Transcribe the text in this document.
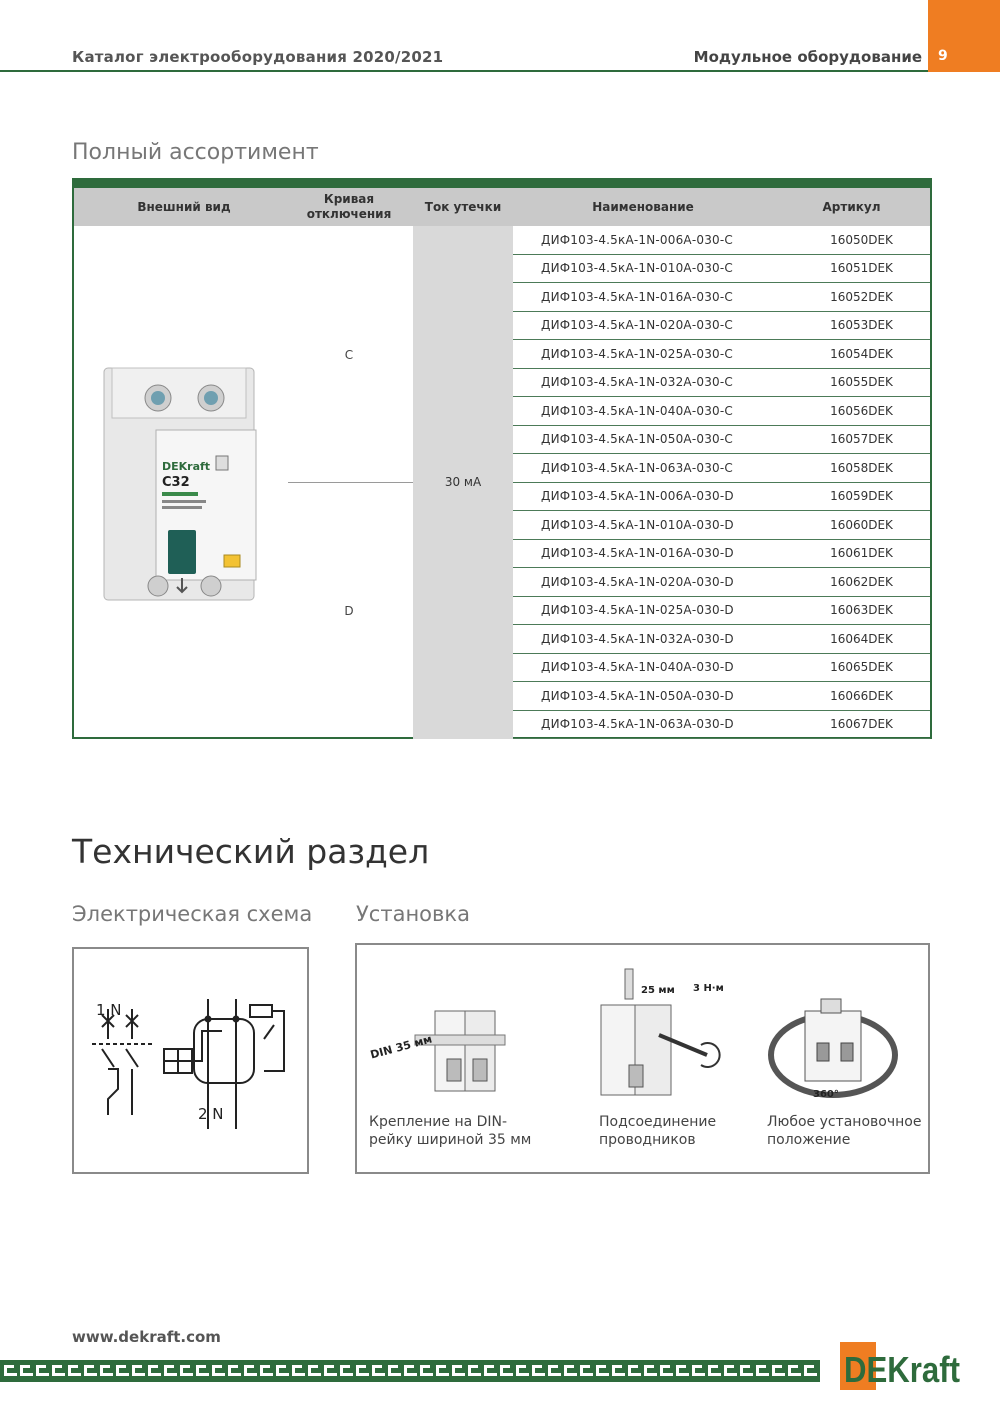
Каталог электрооборудования 2020/2021	Модульное оборудование 9
Полный ассортимент
Внешний вид
Кривая отключения
Ток утечки	Наименование	Артикул
30 мА
C
D
DEKraft
C32
ДИФ103-4.5кА-1N-006А-030-С	16050DEK
ДИФ103-4.5кА-1N-010А-030-С	16051DEK
ДИФ103-4.5кА-1N-016А-030-С	16052DEK
ДИФ103-4.5кА-1N-020А-030-С	16053DEK
ДИФ103-4.5кА-1N-025А-030-С	16054DEK
ДИФ103-4.5кА-1N-032А-030-С	16055DEK
ДИФ103-4.5кА-1N-040А-030-С	16056DEK
ДИФ103-4.5кА-1N-050А-030-С	16057DEK
ДИФ103-4.5кА-1N-063А-030-С	16058DEK
ДИФ103-4.5кА-1N-006А-030-D	16059DEK
ДИФ103-4.5кА-1N-010А-030-D	16060DEK
ДИФ103-4.5кА-1N-016А-030-D	16061DEK
ДИФ103-4.5кА-1N-020А-030-D	16062DEK
ДИФ103-4.5кА-1N-025А-030-D	16063DEK
ДИФ103-4.5кА-1N-032А-030-D	16064DEK
ДИФ103-4.5кА-1N-040А-030-D	16065DEK
ДИФ103-4.5кА-1N-050А-030-D	16066DEK
ДИФ103-4.5кА-1N-063А-030-D	16067DEK
Технический раздел
Электрическая схема Установка
1 N
2 N
DIN 35 мм
Крепление на DIN-рейку шириной 35 мм
25 мм 3 Н·м
Подсоединение проводников
360°
Любое установочное положение
www.dekraft.com
DEKraft
